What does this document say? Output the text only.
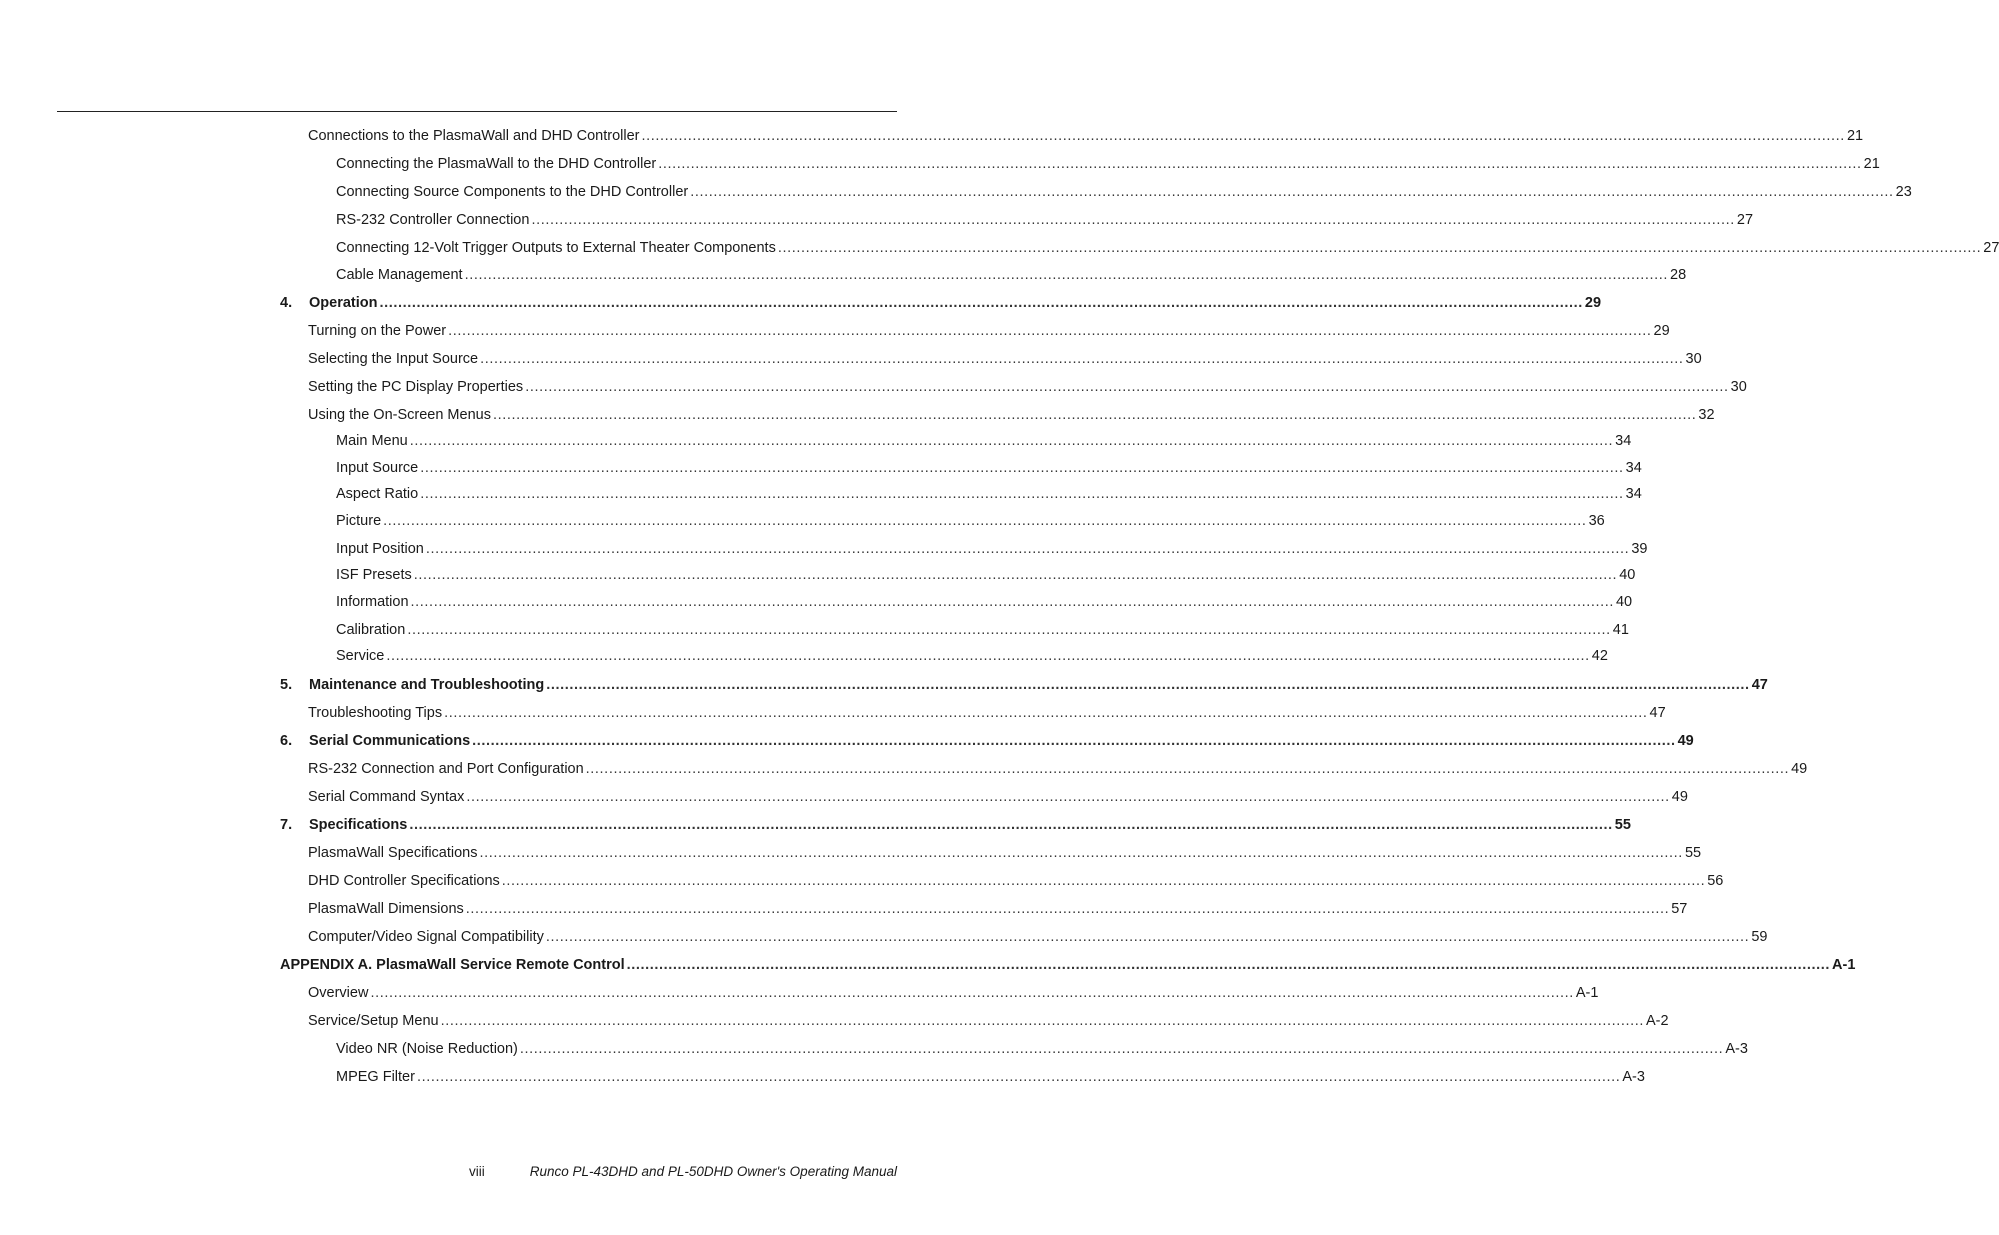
Connections to the PlasmaWall and DHD Controller .................................................................................................................................................................................................................................................................... 21
Connecting the PlasmaWall to the DHD Controller .................................................................................................................................................................................................................................................................... 21
Connecting Source Components to the DHD Controller .................................................................................................................................................................................................................................................................... 23
RS-232 Controller Connection .................................................................................................................................................................................................................................................................... 27
Connecting 12-Volt Trigger Outputs to External Theater Components .................................................................................................................................................................................................................................................................... 27
Cable Management .................................................................................................................................................................................................................................................................... 28
4. Operation .................................................................................................................................................................................................................................................................... 29
Turning on the Power .................................................................................................................................................................................................................................................................... 29
Selecting the Input Source .................................................................................................................................................................................................................................................................... 30
Setting the PC Display Properties .................................................................................................................................................................................................................................................................... 30
Using the On-Screen Menus .................................................................................................................................................................................................................................................................... 32
Main Menu .................................................................................................................................................................................................................................................................... 34
Input Source .................................................................................................................................................................................................................................................................... 34
Aspect Ratio .................................................................................................................................................................................................................................................................... 34
Picture .................................................................................................................................................................................................................................................................... 36
Input Position .................................................................................................................................................................................................................................................................... 39
ISF Presets .................................................................................................................................................................................................................................................................... 40
Information .................................................................................................................................................................................................................................................................... 40
Calibration .................................................................................................................................................................................................................................................................... 41
Service .................................................................................................................................................................................................................................................................... 42
5. Maintenance and Troubleshooting .................................................................................................................................................................................................................................................................... 47
Troubleshooting Tips .................................................................................................................................................................................................................................................................... 47
6. Serial Communications .................................................................................................................................................................................................................................................................... 49
RS-232 Connection and Port Configuration .................................................................................................................................................................................................................................................................... 49
Serial Command Syntax .................................................................................................................................................................................................................................................................... 49
7. Specifications .................................................................................................................................................................................................................................................................... 55
PlasmaWall Specifications .................................................................................................................................................................................................................................................................... 55
DHD Controller Specifications .................................................................................................................................................................................................................................................................... 56
PlasmaWall Dimensions .................................................................................................................................................................................................................................................................... 57
Computer/Video Signal Compatibility .................................................................................................................................................................................................................................................................... 59
APPENDIX A. PlasmaWall Service Remote Control .................................................................................................................................................................................................................................................................... A-1
Overview .................................................................................................................................................................................................................................................................... A-1
Service/Setup Menu .................................................................................................................................................................................................................................................................... A-2
Video NR (Noise Reduction) .................................................................................................................................................................................................................................................................... A-3
MPEG Filter .................................................................................................................................................................................................................................................................... A-3
viii	Runco PL-43DHD and PL-50DHD Owner's Operating Manual
